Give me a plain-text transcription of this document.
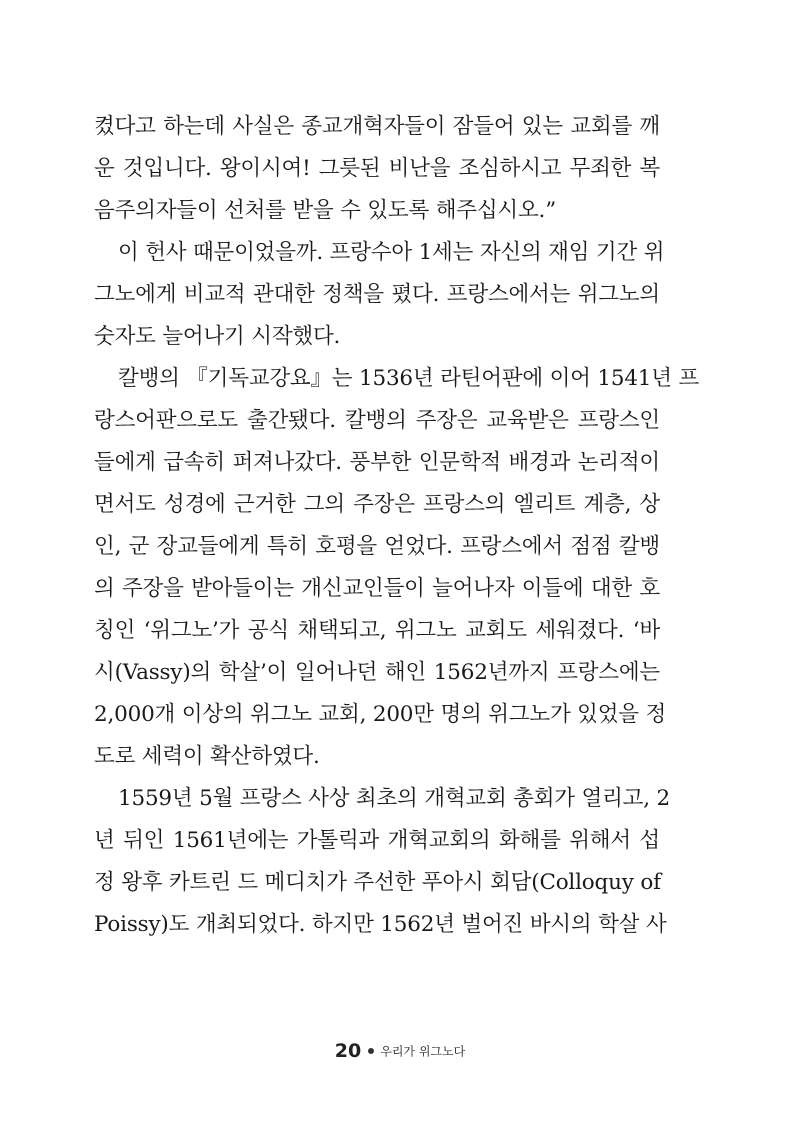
켰다고 하는데 사실은 종교개혁자들이 잠들어 있는 교회를 깨
운 것입니다. 왕이시여! 그릇된 비난을 조심하시고 무죄한 복
음주의자들이 선처를 받을 수 있도록 해주십시오.”
이 헌사 때문이었을까. 프랑수아 1세는 자신의 재임 기간 위
그노에게 비교적 관대한 정책을 폈다. 프랑스에서는 위그노의
숫자도 늘어나기 시작했다.
칼뱅의 『기독교강요』는 1536년 라틴어판에 이어 1541년 프
랑스어판으로도 출간됐다. 칼뱅의 주장은 교육받은 프랑스인
들에게 급속히 퍼져나갔다. 풍부한 인문학적 배경과 논리적이
면서도 성경에 근거한 그의 주장은 프랑스의 엘리트 계층, 상
인, 군 장교들에게 특히 호평을 얻었다. 프랑스에서 점점 칼뱅
의 주장을 받아들이는 개신교인들이 늘어나자 이들에 대한 호
칭인 ‘위그노’가 공식 채택되고, 위그노 교회도 세워졌다. ‘바
시(Vassy)의 학살’이 일어나던 해인 1562년까지 프랑스에는
2,000개 이상의 위그노 교회, 200만 명의 위그노가 있었을 정
도로 세력이 확산하였다.
1559년 5월 프랑스 사상 최초의 개혁교회 총회가 열리고, 2
년 뒤인 1561년에는 가톨릭과 개혁교회의 화해를 위해서 섭
정 왕후 카트린 드 메디치가 주선한 푸아시 회담(Colloquy of
Poissy)도 개최되었다. 하지만 1562년 벌어진 바시의 학살 사
20 우리가 위그노다
